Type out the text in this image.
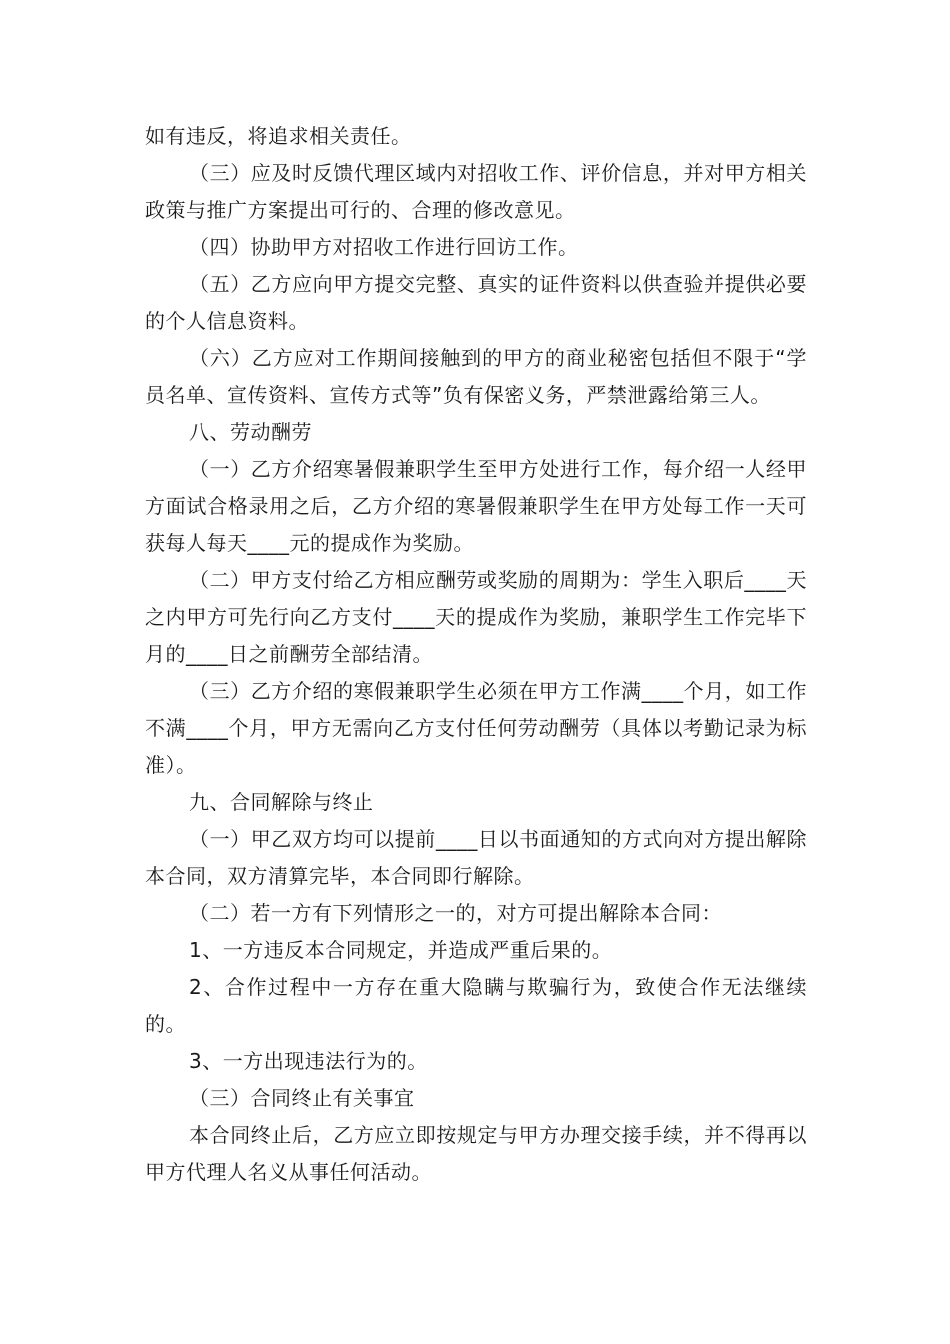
如有违反，将追求相关责任。

（三）应及时反馈代理区域内对招收工作、评价信息，并对甲方相关政策与推广方案提出可行的、合理的修改意见。

（四）协助甲方对招收工作进行回访工作。

（五）乙方应向甲方提交完整、真实的证件资料以供查验并提供必要的个人信息资料。

（六）乙方应对工作期间接触到的甲方的商业秘密包括但不限于“学员名单、宣传资料、宣传方式等”负有保密义务，严禁泄露给第三人。

八、劳动酬劳

（一）乙方介绍寒暑假兼职学生至甲方处进行工作，每介绍一人经甲方面试合格录用之后，乙方介绍的寒暑假兼职学生在甲方处每工作一天可获每人每天____元的提成作为奖励。

（二）甲方支付给乙方相应酬劳或奖励的周期为：学生入职后____天之内甲方可先行向乙方支付____天的提成作为奖励，兼职学生工作完毕下月的____日之前酬劳全部结清。

（三）乙方介绍的寒假兼职学生必须在甲方工作满____个月，如工作不满____个月，甲方无需向乙方支付任何劳动酬劳（具体以考勤记录为标准）。

九、合同解除与终止

（一）甲乙双方均可以提前____日以书面通知的方式向对方提出解除本合同，双方清算完毕，本合同即行解除。

（二）若一方有下列情形之一的，对方可提出解除本合同：

1、一方违反本合同规定，并造成严重后果的。

2、合作过程中一方存在重大隐瞒与欺骗行为，致使合作无法继续的。

3、一方出现违法行为的。

（三）合同终止有关事宜

本合同终止后，乙方应立即按规定与甲方办理交接手续，并不得再以甲方代理人名义从事任何活动。
